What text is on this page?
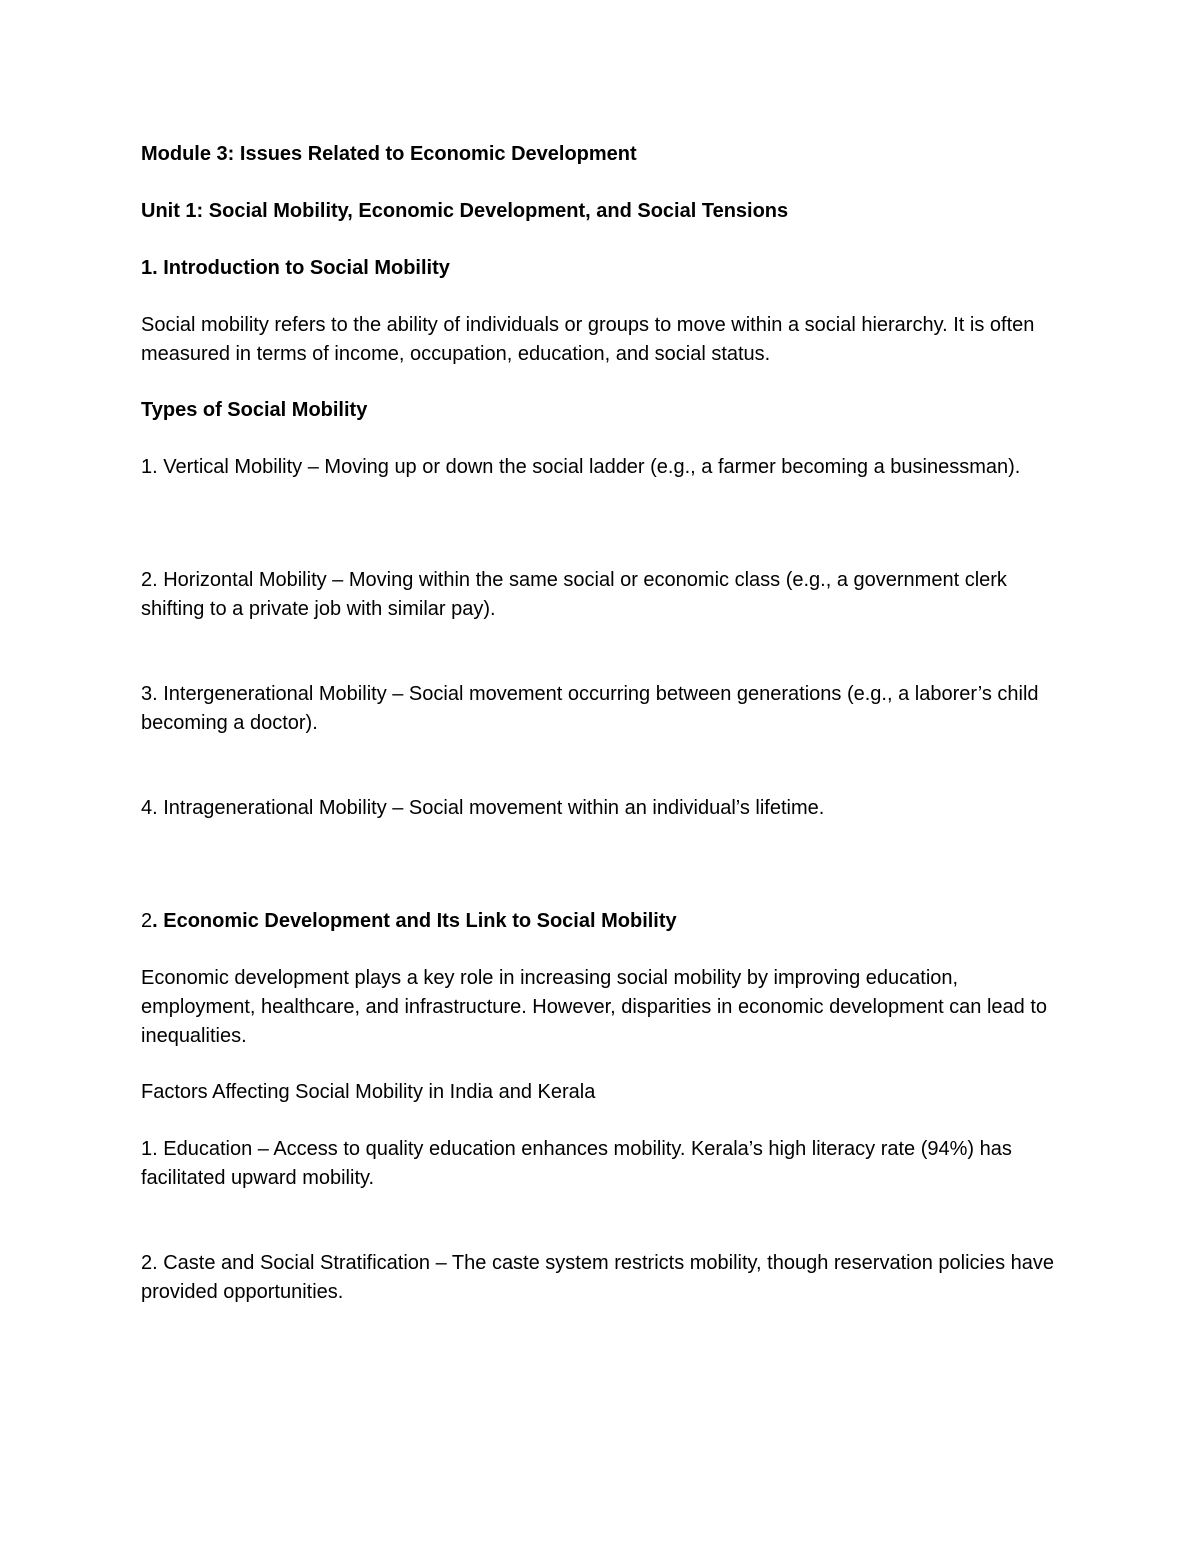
Module 3: Issues Related to Economic Development

Unit 1: Social Mobility, Economic Development, and Social Tensions

1. Introduction to Social Mobility

Social mobility refers to the ability of individuals or groups to move within a social hierarchy. It is often measured in terms of income, occupation, education, and social status.

Types of Social Mobility

1. Vertical Mobility – Moving up or down the social ladder (e.g., a farmer becoming a businessman).

2. Horizontal Mobility – Moving within the same social or economic class (e.g., a government clerk shifting to a private job with similar pay).

3. Intergenerational Mobility – Social movement occurring between generations (e.g., a laborer’s child becoming a doctor).

4. Intragenerational Mobility – Social movement within an individual’s lifetime.

2. Economic Development and Its Link to Social Mobility

Economic development plays a key role in increasing social mobility by improving education, employment, healthcare, and infrastructure. However, disparities in economic development can lead to inequalities.

Factors Affecting Social Mobility in India and Kerala

1. Education – Access to quality education enhances mobility. Kerala’s high literacy rate (94%) has facilitated upward mobility.

2. Caste and Social Stratification – The caste system restricts mobility, though reservation policies have provided opportunities.
